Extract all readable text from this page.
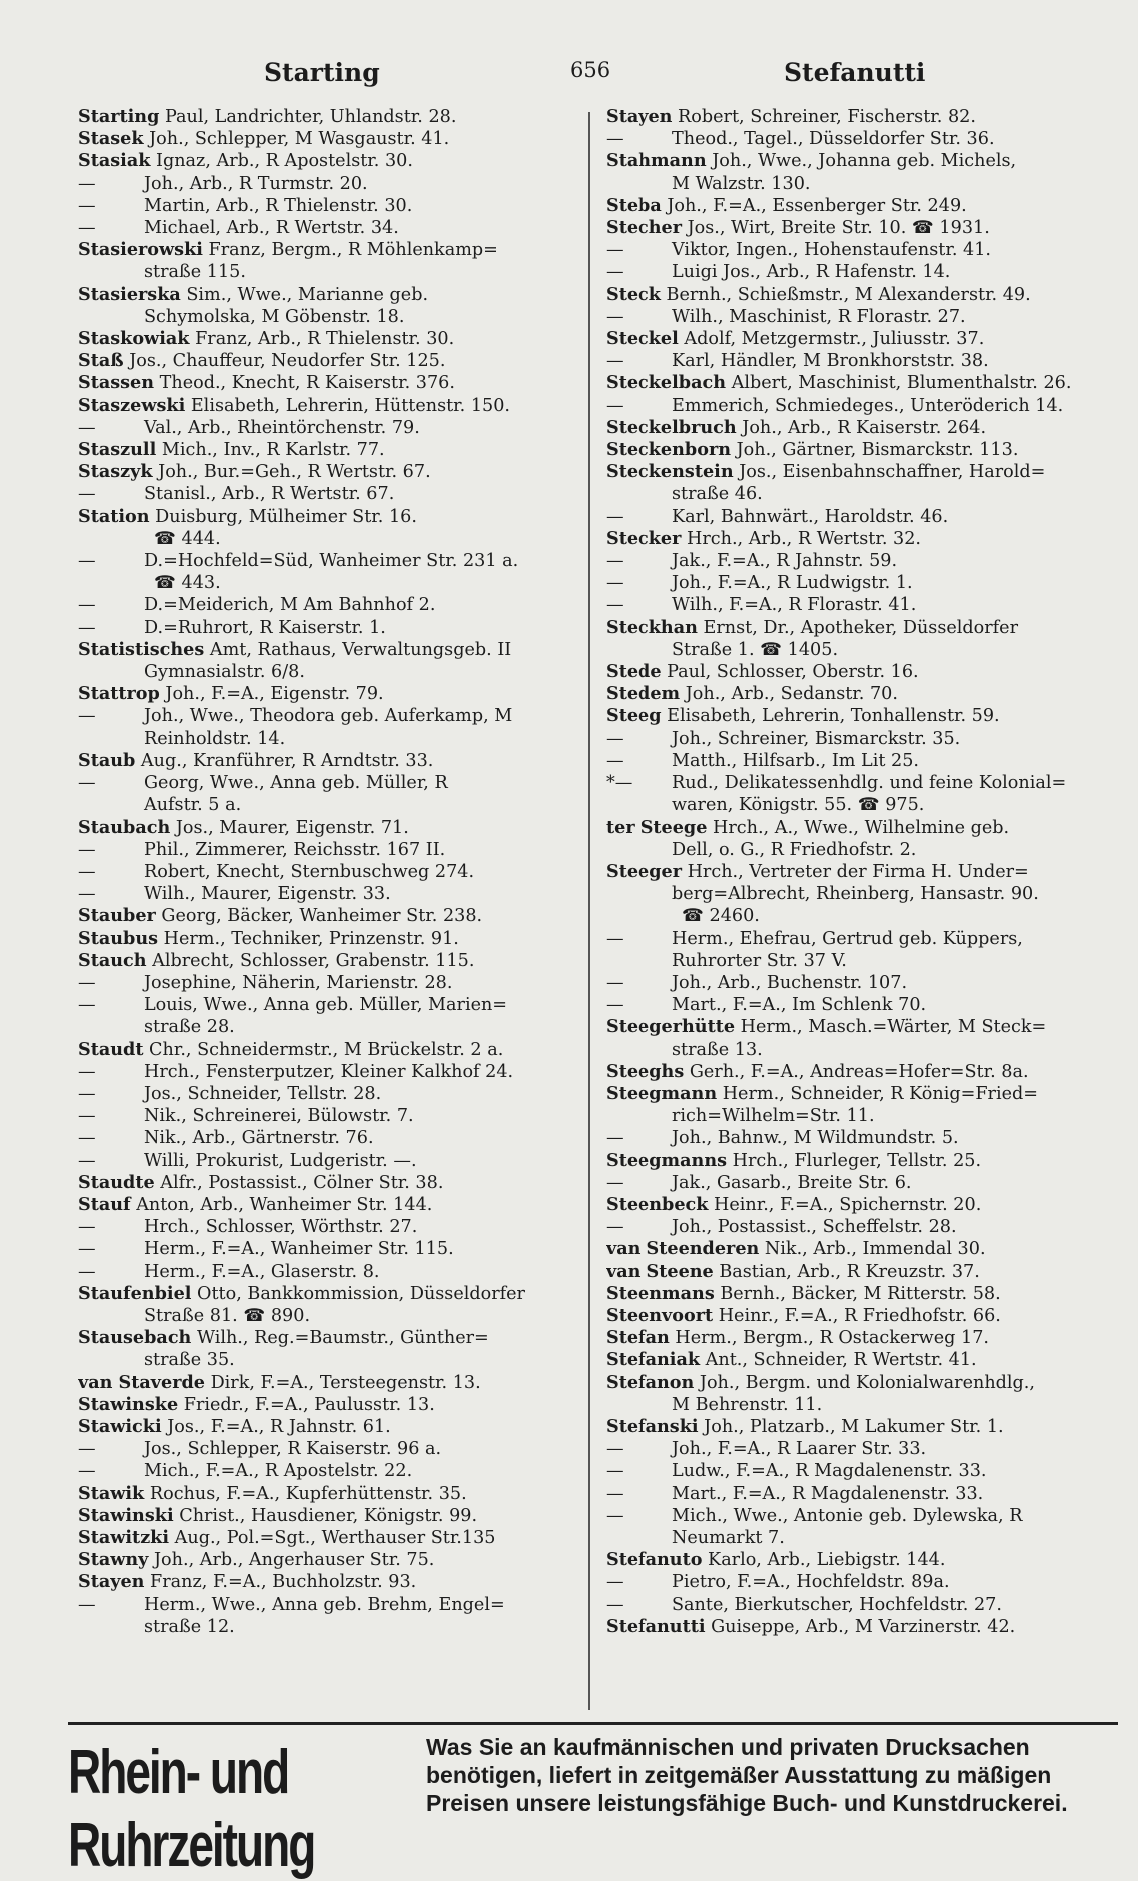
Starting	656	Stefanutti
Starting Paul, Landrichter, Uhlandstr. 28.
Stasek Joh., Schlepper, M Wasgaustr. 41.
Stasiak Ignaz, Arb., R Apostelstr. 30.
—	Joh., Arb., R Turmstr. 20.
—	Martin, Arb., R Thielenstr. 30.
—	Michael, Arb., R Wertstr. 34.
Stasierowski Franz, Bergm., R Möhlenkamp=
straße 115.
Stasierska Sim., Wwe., Marianne geb.
Schymolska, M Göbenstr. 18.
Staskowiak Franz, Arb., R Thielenstr. 30.
Staß Jos., Chauffeur, Neudorfer Str. 125.
Stassen Theod., Knecht, R Kaiserstr. 376.
Staszewski Elisabeth, Lehrerin, Hüttenstr. 150.
—	Val., Arb., Rheintörchenstr. 79.
Staszull Mich., Inv., R Karlstr. 77.
Staszyk Joh., Bur.=Geh., R Wertstr. 67.
—	Stanisl., Arb., R Wertstr. 67.
Station Duisburg, Mülheimer Str. 16.
☎ 444.
—	D.=Hochfeld=Süd, Wanheimer Str. 231 a.
☎ 443.
—	D.=Meiderich, M Am Bahnhof 2.
—	D.=Ruhrort, R Kaiserstr. 1.
Statistisches Amt, Rathaus, Verwaltungsgeb. II
Gymnasialstr. 6/8.
Stattrop Joh., F.=A., Eigenstr. 79.
—	Joh., Wwe., Theodora geb. Auferkamp, M
Reinholdstr. 14.
Staub Aug., Kranführer, R Arndtstr. 33.
—	Georg, Wwe., Anna geb. Müller, R
Aufstr. 5 a.
Staubach Jos., Maurer, Eigenstr. 71.
—	Phil., Zimmerer, Reichsstr. 167 II.
—	Robert, Knecht, Sternbuschweg 274.
—	Wilh., Maurer, Eigenstr. 33.
Stauber Georg, Bäcker, Wanheimer Str. 238.
Staubus Herm., Techniker, Prinzenstr. 91.
Stauch Albrecht, Schlosser, Grabenstr. 115.
—	Josephine, Näherin, Marienstr. 28.
—	Louis, Wwe., Anna geb. Müller, Marien=
straße 28.
Staudt Chr., Schneidermstr., M Brückelstr. 2 a.
—	Hrch., Fensterputzer, Kleiner Kalkhof 24.
—	Jos., Schneider, Tellstr. 28.
—	Nik., Schreinerei, Bülowstr. 7.
—	Nik., Arb., Gärtnerstr. 76.
—	Willi, Prokurist, Ludgeristr. —.
Staudte Alfr., Postassist., Cölner Str. 38.
Stauf Anton, Arb., Wanheimer Str. 144.
—	Hrch., Schlosser, Wörthstr. 27.
—	Herm., F.=A., Wanheimer Str. 115.
—	Herm., F.=A., Glaserstr. 8.
Staufenbiel Otto, Bankkommission, Düsseldorfer
Straße 81. ☎ 890.
Stausebach Wilh., Reg.=Baumstr., Günther=
straße 35.
van Staverde Dirk, F.=A., Tersteegenstr. 13.
Stawinske Friedr., F.=A., Paulusstr. 13.
Stawicki Jos., F.=A., R Jahnstr. 61.
—	Jos., Schlepper, R Kaiserstr. 96 a.
—	Mich., F.=A., R Apostelstr. 22.
Stawik Rochus, F.=A., Kupferhüttenstr. 35.
Stawinski Christ., Hausdiener, Königstr. 99.
Stawitzki Aug., Pol.=Sgt., Werthauser Str.135
Stawny Joh., Arb., Angerhauser Str. 75.
Stayen Franz, F.=A., Buchholzstr. 93.
—	Herm., Wwe., Anna geb. Brehm, Engel=
straße 12.
Stayen Robert, Schreiner, Fischerstr. 82.
—	Theod., Tagel., Düsseldorfer Str. 36.
Stahmann Joh., Wwe., Johanna geb. Michels,
M Walzstr. 130.
Steba Joh., F.=A., Essenberger Str. 249.
Stecher Jos., Wirt, Breite Str. 10. ☎ 1931.
—	Viktor, Ingen., Hohenstaufenstr. 41.
—	Luigi Jos., Arb., R Hafenstr. 14.
Steck Bernh., Schießmstr., M Alexanderstr. 49.
—	Wilh., Maschinist, R Florastr. 27.
Steckel Adolf, Metzgermstr., Juliusstr. 37.
—	Karl, Händler, M Bronkhorststr. 38.
Steckelbach Albert, Maschinist, Blumenthalstr. 26.
—	Emmerich, Schmiedeges., Unteröderich 14.
Steckelbruch Joh., Arb., R Kaiserstr. 264.
Steckenborn Joh., Gärtner, Bismarckstr. 113.
Steckenstein Jos., Eisenbahnschaffner, Harold=
straße 46.
—	Karl, Bahnwärt., Haroldstr. 46.
Stecker Hrch., Arb., R Wertstr. 32.
—	Jak., F.=A., R Jahnstr. 59.
—	Joh., F.=A., R Ludwigstr. 1.
—	Wilh., F.=A., R Florastr. 41.
Steckhan Ernst, Dr., Apotheker, Düsseldorfer
Straße 1. ☎ 1405.
Stede Paul, Schlosser, Oberstr. 16.
Stedem Joh., Arb., Sedanstr. 70.
Steeg Elisabeth, Lehrerin, Tonhallenstr. 59.
—	Joh., Schreiner, Bismarckstr. 35.
—	Matth., Hilfsarb., Im Lit 25.
*— Rud., Delikatessenhdlg. und feine Kolonial=
waren, Königstr. 55. ☎ 975.
ter Steege Hrch., A., Wwe., Wilhelmine geb.
Dell, o. G., R Friedhofstr. 2.
Steeger Hrch., Vertreter der Firma H. Under=
berg=Albrecht, Rheinberg, Hansastr. 90.
☎ 2460.
—	Herm., Ehefrau, Gertrud geb. Küppers,
Ruhrorter Str. 37 V.
—	Joh., Arb., Buchenstr. 107.
—	Mart., F.=A., Im Schlenk 70.
Steegerhütte Herm., Masch.=Wärter, M Steck=
straße 13.
Steeghs Gerh., F.=A., Andreas=Hofer=Str. 8a.
Steegmann Herm., Schneider, R König=Fried=
rich=Wilhelm=Str. 11.
—	Joh., Bahnw., M Wildmundstr. 5.
Steegmanns Hrch., Flurleger, Tellstr. 25.
—	Jak., Gasarb., Breite Str. 6.
Steenbeck Heinr., F.=A., Spichernstr. 20.
—	Joh., Postassist., Scheffelstr. 28.
van Steenderen Nik., Arb., Immendal 30.
van Steene Bastian, Arb., R Kreuzstr. 37.
Steenmans Bernh., Bäcker, M Ritterstr. 58.
Steenvoort Heinr., F.=A., R Friedhofstr. 66.
Stefan Herm., Bergm., R Ostackerweg 17.
Stefaniak Ant., Schneider, R Wertstr. 41.
Stefanon Joh., Bergm. und Kolonialwarenhdlg.,
M Behrenstr. 11.
Stefanski Joh., Platzarb., M Lakumer Str. 1.
—	Joh., F.=A., R Laarer Str. 33.
—	Ludw., F.=A., R Magdalenenstr. 33.
—	Mart., F.=A., R Magdalenenstr. 33.
—	Mich., Wwe., Antonie geb. Dylewska, R
Neumarkt 7.
Stefanuto Karlo, Arb., Liebigstr. 144.
—	Pietro, F.=A., Hochfeldstr. 89a.
—	Sante, Bierkutscher, Hochfeldstr. 27.
Stefanutti Guiseppe, Arb., M Varzinerstr. 42.
Rhein- und Ruhrzeitung
Was Sie an kaufmännischen und privaten Drucksachen benötigen, liefert in zeitgemäßer Ausstattung zu mäßigen Preisen unsere leistungsfähige Buch- und Kunstdruckerei.
